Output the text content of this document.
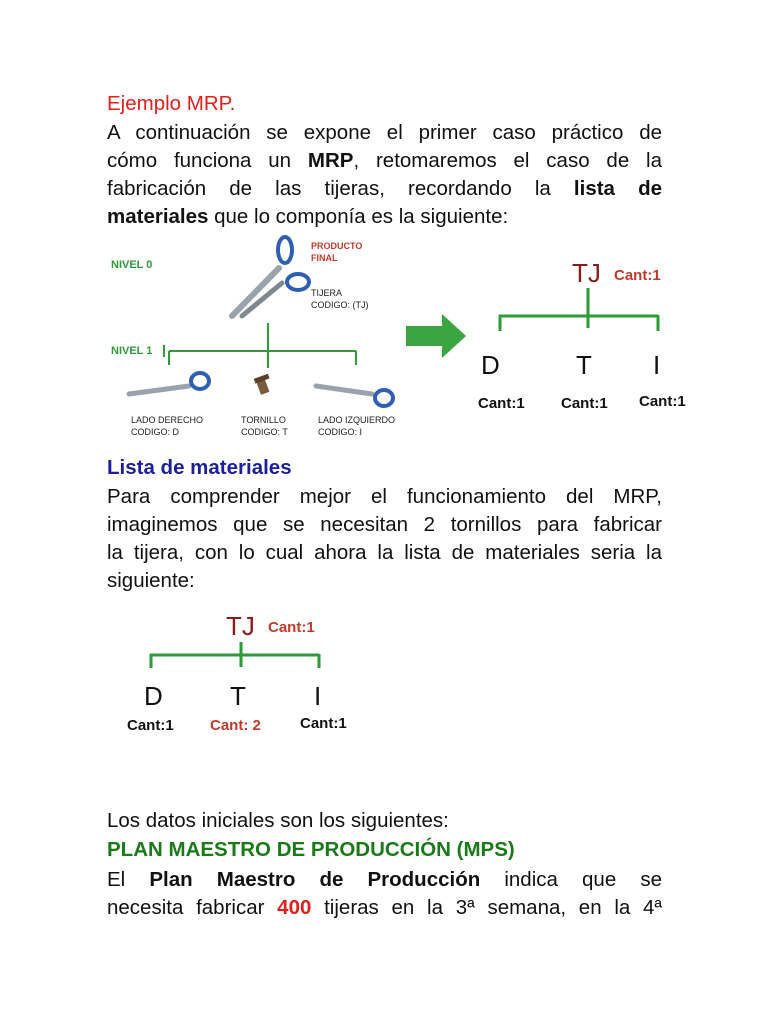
Ejemplo MRP.
A continuación se expone el primer caso práctico de
cómo funciona un MRP, retomaremos el caso de la
fabricación de las tijeras, recordando la lista de
materiales que lo componía es la siguiente:
NIVEL 0
NIVEL 1
PRODUCTO
FINAL
TIJERA
CODIGO: (TJ)
LADO DERECHO
CODIGO: D
TORNILLO
CODIGO: T
LADO IZQUIERDO
CODIGO: I
TJ Cant:1
D	T I
Cant:1 Cant:1 Cant:1
Lista de materiales
Para comprender mejor el funcionamiento del MRP,
imaginemos que se necesitan 2 tornillos para fabricar
la tijera, con lo cual ahora la lista de materiales seria la
siguiente:
TJ Cant:1
D	T	I
Cant:1 Cant: 2	Cant:1
Los datos iniciales son los siguientes:
PLAN MAESTRO DE PRODUCCIÓN (MPS)
El Plan Maestro de Producción indica que se
necesita fabricar 400 tijeras en la 3ª semana, en la 4ª
